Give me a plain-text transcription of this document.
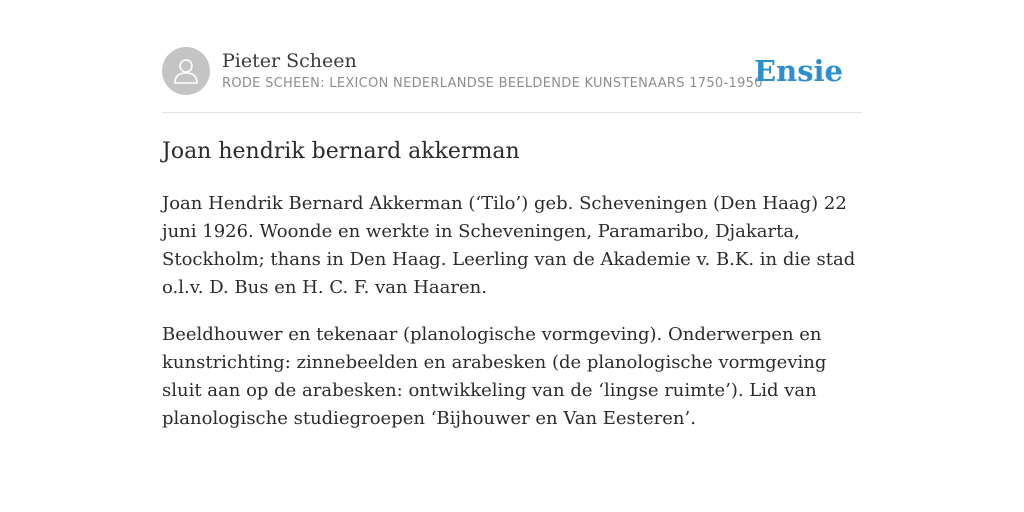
Pieter Scheen
RODE SCHEEN: LEXICON NEDERLANDSE BEELDENDE KUNSTENAARS 1750-1950
Ensie
Joan hendrik bernard akkerman

Joan Hendrik Bernard Akkerman (‘Tilo’) geb. Scheveningen (Den Haag) 22 juni 1926. Woonde en werkte in Scheveningen, Paramaribo, Djakarta, Stockholm; thans in Den Haag. Leerling van de Akademie v. B.K. in die stad o.l.v. D. Bus en H. C. F. van Haaren.

Beeldhouwer en tekenaar (planologische vormgeving). Onderwerpen en kunstrichting: zinnebeelden en arabesken (de planologische vormgeving sluit aan op de arabesken: ontwikkeling van de ‘lingse ruimte’). Lid van planologische studiegroepen ‘Bijhouwer en Van Eesteren’.
